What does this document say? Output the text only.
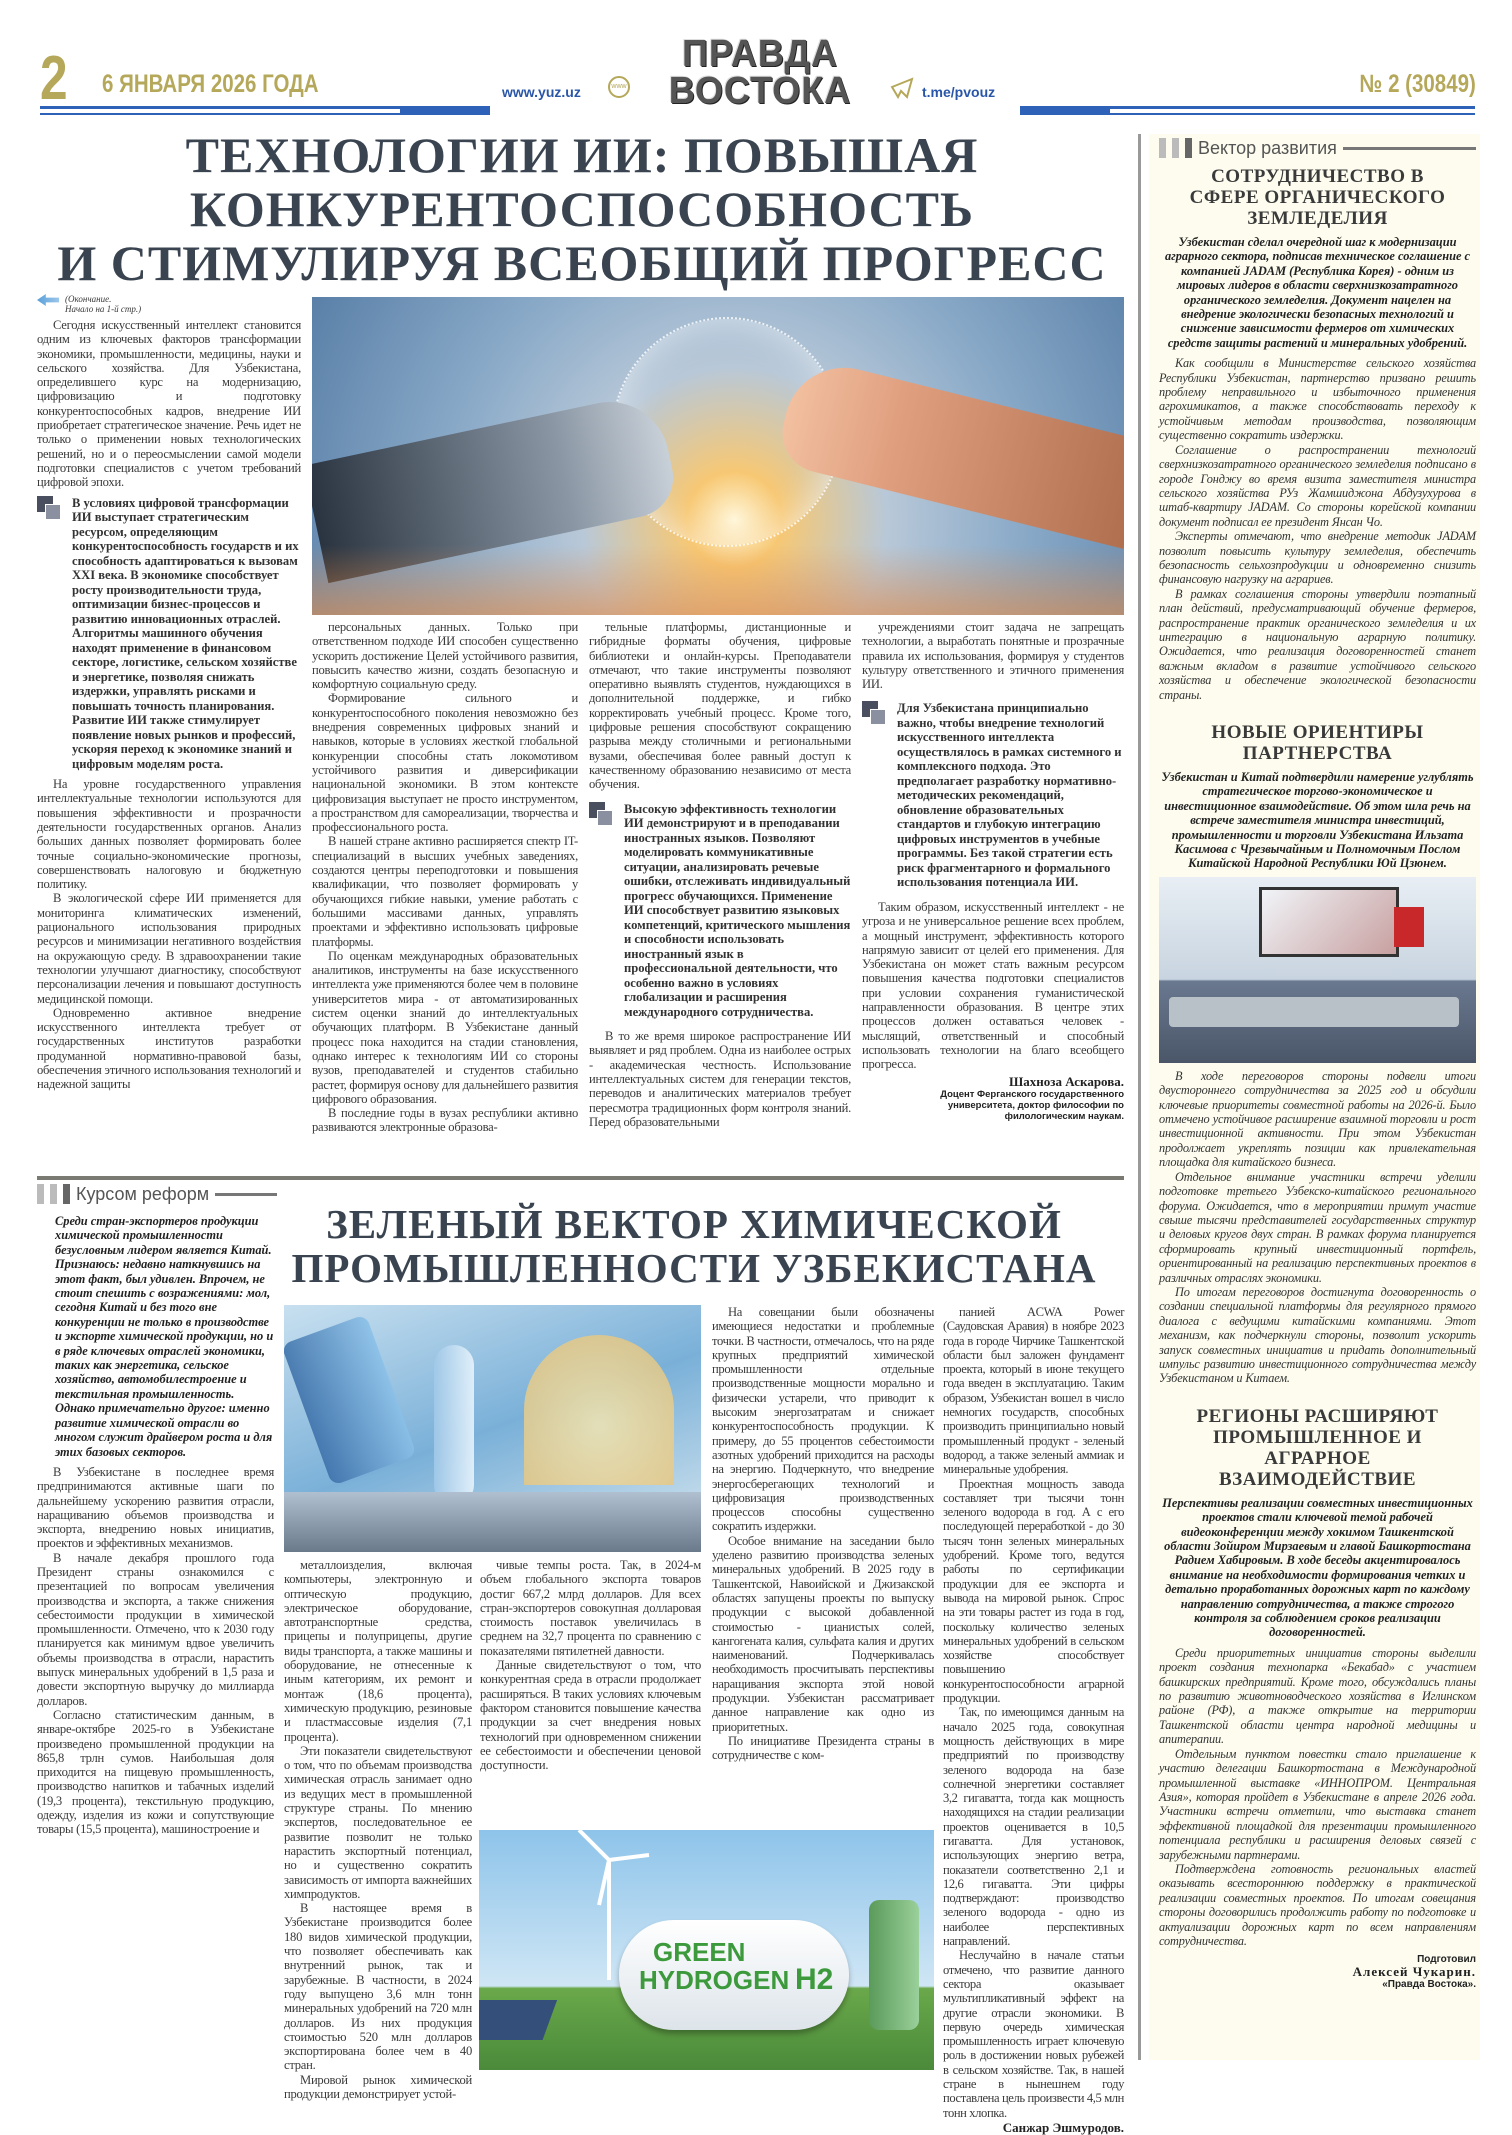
2 6 ЯНВАРЯ 2026 ГОДА	www.yuz.uz	www
ПРАВДА
ВОСТОКА	t.me/pvouz	№ 2 (30849)
ТЕХНОЛОГИИ ИИ: ПОВЫШАЯ
КОНКУРЕНТОСПОСОБНОСТЬ
И СТИМУЛИРУЯ ВСЕОБЩИЙ ПРОГРЕСС
(Окончание.
Начало на 1-й стр.)

Сегодня искусственный интеллект становится одним из ключевых факторов трансформации экономики, промышленности, медицины, науки и сельского хозяйства. Для Узбекистана, определившего курс на модернизацию, цифровизацию и подготовку конкурентоспособных кадров, внедрение ИИ приобретает стратегическое значение. Речь идет не только о применении новых технологических решений, но и о переосмыслении самой модели подготовки специалистов с учетом требований цифровой эпохи.

В условиях цифровой трансформации ИИ выступает стратегическим ресурсом, определяющим конкурентоспособность государств и их способность адаптироваться к вызовам XXI века. В экономике способствует росту производительности труда, оптимизации бизнес-процессов и развитию инновационных отраслей. Алгоритмы машинного обучения находят применение в финансовом секторе, логистике, сельском хозяйстве и энергетике, позволяя снижать издержки, управлять рисками и повышать точность планирования. Развитие ИИ также стимулирует появление новых рынков и профессий, ускоряя переход к экономике знаний и цифровым моделям роста.

На уровне государственного управления интеллектуальные технологии используются для повышения эффективности и прозрачности деятельности государственных органов. Анализ больших данных позволяет формировать более точные социально-экономические прогнозы, совершенствовать налоговую и бюджетную политику.

В экологической сфере ИИ применяется для мониторинга климатических изменений, рационального использования природных ресурсов и минимизации негативного воздействия на окружающую среду. В здравоохранении такие технологии улучшают диагностику, способствуют персонализации лечения и повышают доступность медицинской помощи.

Одновременно активное внедрение искусственного интеллекта требует от государственных институтов разработки продуманной нормативно-правовой базы, обеспечения этичного использования технологий и надежной защиты

персональных данных. Только при ответственном подходе ИИ способен существенно ускорить достижение Целей устойчивого развития, повысить качество жизни, создать безопасную и комфортную социальную среду.

Формирование сильного и конкурентоспособного поколения невозможно без внедрения современных цифровых знаний и навыков, которые в условиях жесткой глобальной конкуренции способны стать локомотивом устойчивого развития и диверсификации национальной экономики. В этом контексте цифровизация выступает не просто инструментом, а пространством для самореализации, творчества и профессионального роста.

В нашей стране активно расширяется спектр IT-специализаций в высших учебных заведениях, создаются центры переподготовки и повышения квалификации, что позволяет формировать у обучающихся гибкие навыки, умение работать с большими массивами данных, управлять проектами и эффективно использовать цифровые платформы.

По оценкам международных образовательных аналитиков, инструменты на базе искусственного интеллекта уже применяются более чем в половине университетов мира - от автоматизированных систем оценки знаний до интеллектуальных обучающих платформ. В Узбекистане данный процесс пока находится на стадии становления, однако интерес к технологиям ИИ со стороны вузов, преподавателей и студентов стабильно растет, формируя основу для дальнейшего развития цифрового образования.

В последние годы в вузах республики активно развиваются электронные образова-

тельные платформы, дистанционные и гибридные форматы обучения, цифровые библиотеки и онлайн-курсы. Преподаватели отмечают, что такие инструменты позволяют оперативно выявлять студентов, нуждающихся в дополнительной поддержке, и гибко корректировать учебный процесс. Кроме того, цифровые решения способствуют сокращению разрыва между столичными и региональными вузами, обеспечивая более равный доступ к качественному образованию независимо от места обучения.

Высокую эффективность технологии ИИ демонстрируют и в преподавании иностранных языков. Позволяют моделировать коммуникативные ситуации, анализировать речевые ошибки, отслеживать индивидуальный прогресс обучающихся. Применение ИИ способствует развитию языковых компетенций, критического мышления и способности использовать иностранный язык в профессиональной деятельности, что особенно важно в условиях глобализации и расширения международного сотрудничества.

В то же время широкое распространение ИИ выявляет и ряд проблем. Одна из наиболее острых - академическая честность. Использование интеллектуальных систем для генерации текстов, переводов и аналитических материалов требует пересмотра традиционных форм контроля знаний. Перед образовательными

учреждениями стоит задача не запрещать технологии, а выработать понятные и прозрачные правила их использования, формируя у студентов культуру ответственного и этичного применения ИИ.

Для Узбекистана принципиально важно, чтобы внедрение технологий искусственного интеллекта осуществлялось в рамках системного и комплексного подхода. Это предполагает разработку нормативно-методических рекомендаций, обновление образовательных стандартов и глубокую интеграцию цифровых инструментов в учебные программы. Без такой стратегии есть риск фрагментарного и формального использования потенциала ИИ.

Таким образом, искусственный интеллект - не угроза и не универсальное решение всех проблем, а мощный инструмент, эффективность которого напрямую зависит от целей его применения. Для Узбекистана он может стать важным ресурсом повышения качества подготовки специалистов при условии сохранения гуманистической направленности образования. В центре этих процессов должен оставаться человек - мыслящий, ответственный и способный использовать технологии на благо всеобщего прогресса.

Шахноза Аскарова.
Доцент Ферганского государственного университета, доктор философии по филологическим наукам.
Курсом реформ
ЗЕЛЕНЫЙ ВЕКТОР ХИМИЧЕСКОЙ
ПРОМЫШЛЕННОСТИ УЗБЕКИСТАНА
Среди стран-экспортеров продукции химической промышленности безусловным лидером является Китай. Признаюсь: недавно наткнувшись на этот факт, был удивлен. Впрочем, не стоит спешить с возражениями: мол, сегодня Китай и без того вне конкуренции не только в производстве и экспорте химической продукции, но и в ряде ключевых отраслей экономики, таких как энергетика, сельское хозяйство, автомобилестроение и текстильная промышленность. Однако примечательно другое: именно развитие химической отрасли во многом служит драйвером роста и для этих базовых секторов.

В Узбекистане в последнее время предпринимаются активные шаги по дальнейшему ускорению развития отрасли, наращиванию объемов производства и экспорта, внедрению новых инициатив, проектов и эффективных механизмов.

В начале декабря прошлого года Президент страны ознакомился с презентацией по вопросам увеличения производства и экспорта, а также снижения себестоимости продукции в химической промышленности. Отмечено, что к 2030 году планируется как минимум вдвое увеличить объемы производства в отрасли, нарастить выпуск минеральных удобрений в 1,5 раза и довести экспортную выручку до миллиарда долларов.

Согласно статистическим данным, в январе-октябре 2025-го в Узбекистане произведено промышленной продукции на 865,8 трлн сумов. Наибольшая доля приходится на пищевую промышленность, производство напитков и табачных изделий (19,3 процента), текстильную продукцию, одежду, изделия из кожи и сопутствующие товары (15,5 процента), машиностроение и

металлоизделия, включая компьютеры, электронную и оптическую продукцию, электрическое оборудование, автотранспортные средства, прицепы и полуприцепы, другие виды транспорта, а также машины и оборудование, не отнесенные к иным категориям, их ремонт и монтаж (18,6 процента), химическую продукцию, резиновые и пластмассовые изделия (7,1 процента).

Эти показатели свидетельствуют о том, что по объемам производства химическая отрасль занимает одно из ведущих мест в промышленной структуре страны. По мнению экспертов, последовательное ее развитие позволит не только нарастить экспортный потенциал, но и существенно сократить зависимость от импорта важнейших химпродуктов.

В настоящее время в Узбекистане производится более 180 видов химической продукции, что позволяет обеспечивать как внутренний рынок, так и зарубежные. В частности, в 2024 году выпущено 3,6 млн тонн минеральных удобрений на 720 млн долларов. Из них продукция стоимостью 520 млн долларов экспортирована более чем в 40 стран.

Мировой рынок химической продукции демонстрирует устой-

чивые темпы роста. Так, в 2024-м объем глобального экспорта товаров достиг 667,2 млрд долларов. Для всех стран-экспортеров совокупная долларовая стоимость поставок увеличилась в среднем на 32,7 процента по сравнению с показателями пятилетней давности.

Данные свидетельствуют о том, что конкурентная среда в отрасли продолжает расширяться. В таких условиях ключевым фактором становится повышение качества продукции за счет внедрения новых технологий при одновременном снижении ее себестоимости и обеспечении ценовой доступности.

На совещании были обозначены имеющиеся недостатки и проблемные точки. В частности, отмечалось, что на ряде крупных предприятий химической промышленности отдельные производственные мощности морально и физически устарели, что приводит к высоким энергозатратам и снижает конкурентоспособность продукции. К примеру, до 55 процентов себестоимости азотных удобрений приходится на расходы на энергию. Подчеркнуто, что внедрение энергосберегающих технологий и цифровизация производственных процессов способны существенно сократить издержки.

Особое внимание на заседании было уделено развитию производства зеленых минеральных удобрений. В 2025 году в Ташкентской, Навоийской и Джизакской областях запущены проекты по выпуску продукции с высокой добавленной стоимостью - цианистых солей, кангогената калия, сульфата калия и других наименований. Подчеркивалась необходимость просчитывать перспективы наращивания экспорта этой новой продукции. Узбекистан рассматривает данное направление как одно из приоритетных.

По инициативе Президента страны в сотрудничестве с ком-

панией ACWA Power (Саудовская Аравия) в ноябре 2023 года в городе Чирчике Ташкентской области был заложен фундамент проекта, который в июне текущего года введен в эксплуатацию. Таким образом, Узбекистан вошел в число немногих государств, способных производить принципиально новый промышленный продукт - зеленый водород, а также зеленый аммиак и минеральные удобрения.

Проектная мощность завода составляет три тысячи тонн зеленого водорода в год. А с его последующей переработкой - до 30 тысяч тонн зеленых минеральных удобрений. Кроме того, ведутся работы по сертификации продукции для ее экспорта и вывода на мировой рынок. Спрос на эти товары растет из года в год, поскольку количество зеленых минеральных удобрений в сельском хозяйстве способствует повышению конкурентоспособности аграрной продукции.

Так, по имеющимся данным на начало 2025 года, совокупная мощность действующих в мире предприятий по производству зеленого водорода на базе солнечной энергетики составляет 3,2 гигаватта, тогда как мощность находящихся на стадии реализации проектов оценивается в 10,5 гигаватта. Для установок, использующих энергию ветра, показатели соответственно 2,1 и 12,6 гигаватта. Эти цифры подтверждают: производство зеленого водорода - одно из наиболее перспективных направлений.

Неслучайно в начале статьи отмечено, что развитие данного сектора оказывает мультипликативный эффект на другие отрасли экономики. В первую очередь химическая промышленность играет ключевую роль в достижении новых рубежей в сельском хозяйстве. Так, в нашей стране в нынешнем году поставлена цель произвести 4,5 млн тонн хлопка.

Санжар Эшмуродов.
GREEN
HYDROGEN H2
Вектор развития
СОТРУДНИЧЕСТВО В СФЕРЕ ОРГАНИЧЕСКОГО ЗЕМЛЕДЕЛИЯ
Узбекистан сделал очередной шаг к модернизации аграрного сектора, подписав техническое соглашение с компанией JADAM (Республика Корея) - одним из мировых лидеров в области сверхнизкозатратного органического земледелия. Документ нацелен на внедрение экологически безопасных технологий и снижение зависимости фермеров от химических средств защиты растений и минеральных удобрений.

Как сообщили в Министерстве сельского хозяйства Республики Узбекистан, партнерство призвано решить проблему неправильного и избыточного применения агрохимикатов, а также способствовать переходу к устойчивым методам производства, позволяющим существенно сократить издержки.

Соглашение о распространении технологий сверхнизкозатратного органического земледелия подписано в городе Гонджу во время визита заместителя министра сельского хозяйства РУз Жамшиджона Абдузухурова в штаб-квартиру JADAM. Со стороны корейской компании документ подписал ее президент Янсан Чо.

Эксперты отмечают, что внедрение методик JADAM позволит повысить культуру земледелия, обеспечить безопасность сельхозпродукции и одновременно снизить финансовую нагрузку на аграриев.

В рамках соглашения стороны утвердили поэтапный план действий, предусматривающий обучение фермеров, распространение практик органического земледелия и их интеграцию в национальную аграрную политику. Ожидается, что реализация договоренностей станет важным вкладом в развитие устойчивого сельского хозяйства и обеспечение экологической безопасности страны.

НОВЫЕ ОРИЕНТИРЫ ПАРТНЕРСТВА
Узбекистан и Китай подтвердили намерение углублять стратегическое торгово-экономическое и инвестиционное взаимодействие. Об этом шла речь на встрече заместителя министра инвестиций, промышленности и торговли Узбекистана Ильзата Касимова с Чрезвычайным и Полномочным Послом Китайской Народной Республики Юй Цзюнем.

В ходе переговоров стороны подвели итоги двустороннего сотрудничества за 2025 год и обсудили ключевые приоритеты совместной работы на 2026-й. Было отмечено устойчивое расширение взаимной торговли и рост инвестиционной активности. При этом Узбекистан продолжает укреплять позиции как привлекательная площадка для китайского бизнеса.

Отдельное внимание участники встречи уделили подготовке третьего Узбекско-китайского регионального форума. Ожидается, что в мероприятии примут участие свыше тысячи представителей государственных структур и деловых кругов двух стран. В рамках форума планируется сформировать крупный инвестиционный портфель, ориентированный на реализацию перспективных проектов в различных отраслях экономики.

По итогам переговоров достигнута договоренность о создании специальной платформы для регулярного прямого диалога с ведущими китайскими компаниями. Этот механизм, как подчеркнули стороны, позволит ускорить запуск совместных инициатив и придать дополнительный импульс развитию инвестиционного сотрудничества между Узбекистаном и Китаем.

РЕГИОНЫ РАСШИРЯЮТ ПРОМЫШЛЕННОЕ И АГРАРНОЕ ВЗАИМОДЕЙСТВИЕ
Перспективы реализации совместных инвестиционных проектов стали ключевой темой рабочей видеоконференции между хокимом Ташкентской области Зойиром Мирзаевым и главой Башкортостана Радием Хабировым. В ходе беседы акцентировалось внимание на необходимости формирования четких и детально проработанных дорожных карт по каждому направлению сотрудничества, а также строгого контроля за соблюдением сроков реализации договоренностей.

Среди приоритетных инициатив стороны выделили проект создания технопарка «Бекабад» с участием башкирских предприятий. Кроме того, обсуждались планы по развитию животноводческого хозяйства в Иглинском районе (РФ), а также открытие на территории Ташкентской области центра народной медицины и апитерапии.

Отдельным пунктом повестки стало приглашение к участию делегации Башкортостана в Международной промышленной выставке «ИННОПРОМ. Центральная Азия», которая пройдет в Узбекистане в апреле 2026 года. Участники встречи отметили, что выставка станет эффективной площадкой для презентации промышленного потенциала республики и расширения деловых связей с зарубежными партнерами.

Подтверждена готовность региональных властей оказывать всестороннюю поддержку в практической реализации совместных проектов. По итогам совещания стороны договорились продолжить работу по подготовке и актуализации дорожных карт по всем направлениям сотрудничества.

Подготовил
Алексей Чукарин.
«Правда Востока».
